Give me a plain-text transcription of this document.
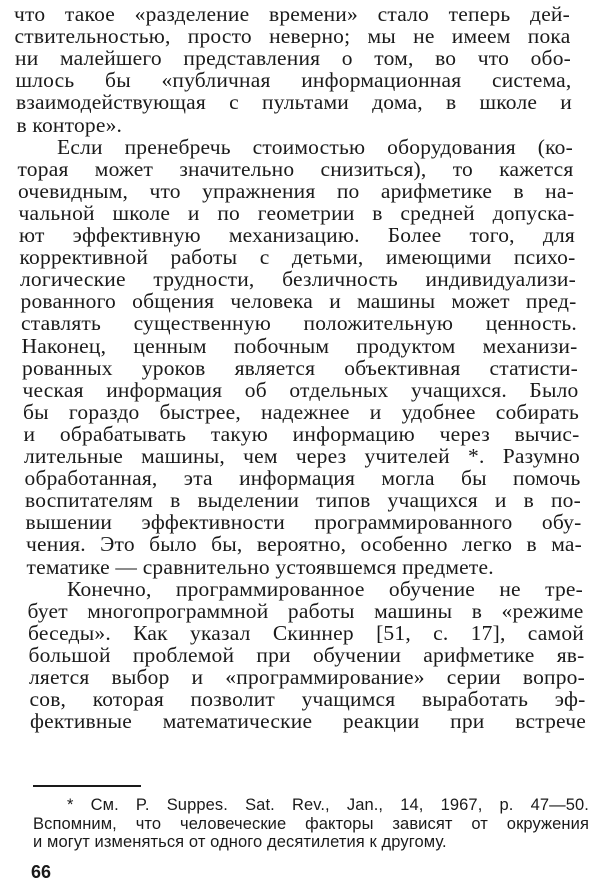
что такое «разделение времени» стало теперь дей-
ствительностью, просто неверно; мы не имеем пока
ни малейшего представления о том, во что обо-
шлось бы «публичная информационная система,
взаимодействующая с пультами дома, в школе и
в конторе».
Если пренебречь стоимостью оборудования (ко-
торая может значительно снизиться), то кажется
очевидным, что упражнения по арифметике в на-
чальной школе и по геометрии в средней допуска-
ют эффективную механизацию. Более того, для
коррективной работы с детьми, имеющими психо-
логические трудности, безличность индивидуализи-
рованного общения человека и машины может пред-
ставлять существенную положительную ценность.
Наконец, ценным побочным продуктом механизи-
рованных уроков является объективная статисти-
ческая информация об отдельных учащихся. Было
бы гораздо быстрее, надежнее и удобнее собирать
и обрабатывать такую информацию через вычис-
лительные машины, чем через учителей *. Разумно
обработанная, эта информация могла бы помочь
воспитателям в выделении типов учащихся и в по-
вышении эффективности программированного обу-
чения. Это было бы, вероятно, особенно легко в ма-
тематике — сравнительно устоявшемся предмете.
Конечно, программированное обучение не тре-
бует многопрограммной работы машины в «режиме
беседы». Как указал Скиннер [51, с. 17], самой
большой проблемой при обучении арифметике яв-
ляется выбор и «программирование» серии вопро-
сов, которая позволит учащимся выработать эф-
фективные математические реакции при встрече
* См. P. Suppes. Sat. Rev., Jan., 14, 1967, p. 47—50.
Вспомним, что человеческие факторы зависят от окружения
и могут изменяться от одного десятилетия к другому.
66
